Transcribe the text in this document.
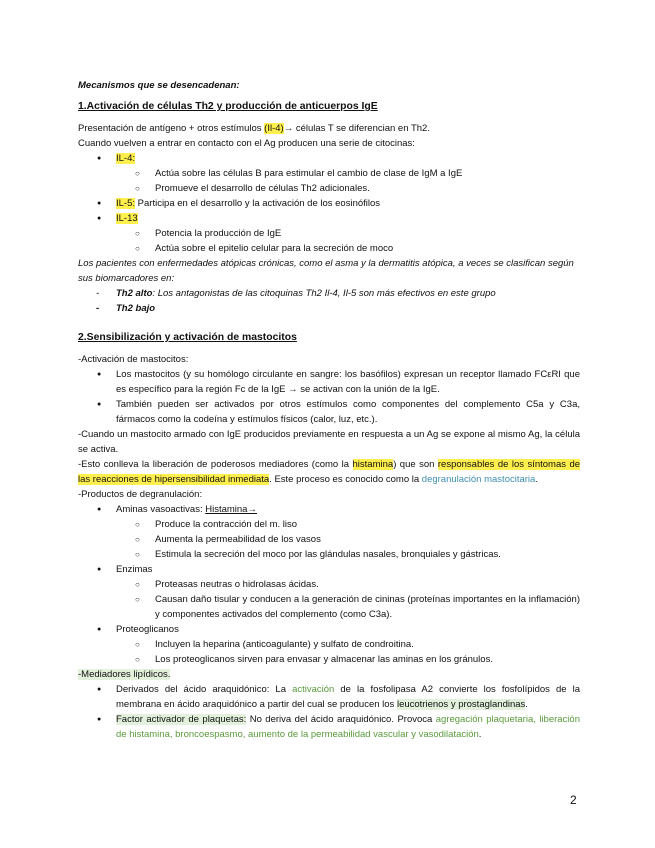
Mecanismos que se desencadenan:

1.Activación de células Th2 y producción de anticuerpos IgE

Presentación de antígeno + otros estímulos (Il-4)→ células T se diferencian en Th2.

Cuando vuelven a entrar en contacto con el Ag producen una serie de citocinas:

● IL-4:

○ Actúa sobre las células B para estimular el cambio de clase de IgM a IgE

○ Promueve el desarrollo de células Th2 adicionales.

● IL-5: Participa en el desarrollo y la activación de los eosinófilos

● IL-13

○ Potencia la producción de IgE

○ Actúa sobre el epitelio celular para la secreción de moco

Los pacientes con enfermedades atópicas crónicas, como el asma y la dermatitis atópica, a veces se clasifican según sus biomarcadores en:

- Th2 alto: Los antagonistas de las citoquinas Th2 Il-4, Il-5 son más efectivos en este grupo

- Th2 bajo

2.Sensibilización y activación de mastocitos

-Activación de mastocitos:

● Los mastocitos (y su homólogo circulante en sangre: los basófilos) expresan un receptor llamado FCεRI que es específico para la región Fc de la IgE → se activan con la unión de la IgE.

● También pueden ser activados por otros estímulos como componentes del complemento C5a y C3a, fármacos como la codeína y estímulos físicos (calor, luz, etc.).

-Cuando un mastocito armado con IgE producidos previamente en respuesta a un Ag se expone al mismo Ag, la célula se activa.

-Esto conlleva la liberación de poderosos mediadores (como la histamina) que son responsables de los síntomas de las reacciones de hipersensibilidad inmediata. Este proceso es conocido como la degranulación mastocitaria.

-Productos de degranulación:

● Aminas vasoactivas: Histamina→

○ Produce la contracción del m. liso

○ Aumenta la permeabilidad de los vasos

○ Estimula la secreción del moco por las glándulas nasales, bronquiales y gástricas.

● Enzimas

○ Proteasas neutras o hidrolasas ácidas.

○ Causan daño tisular y conducen a la generación de cininas (proteínas importantes en la inflamación) y componentes activados del complemento (como C3a).

● Proteoglicanos

○ Incluyen la heparina (anticoagulante) y sulfato de condroitina.

○ Los proteoglicanos sirven para envasar y almacenar las aminas en los gránulos.

-Mediadores lipídicos.

● Derivados del ácido araquidónico: La activación de la fosfolipasa A2 convierte los fosfolípidos de la membrana en ácido araquidónico a partir del cual se producen los leucotrienos y prostaglandinas.

● Factor activador de plaquetas: No deriva del ácido araquidónico. Provoca agregación plaquetaria, liberación de histamina, broncoespasmo, aumento de la permeabilidad vascular y vasodilatación.

2
